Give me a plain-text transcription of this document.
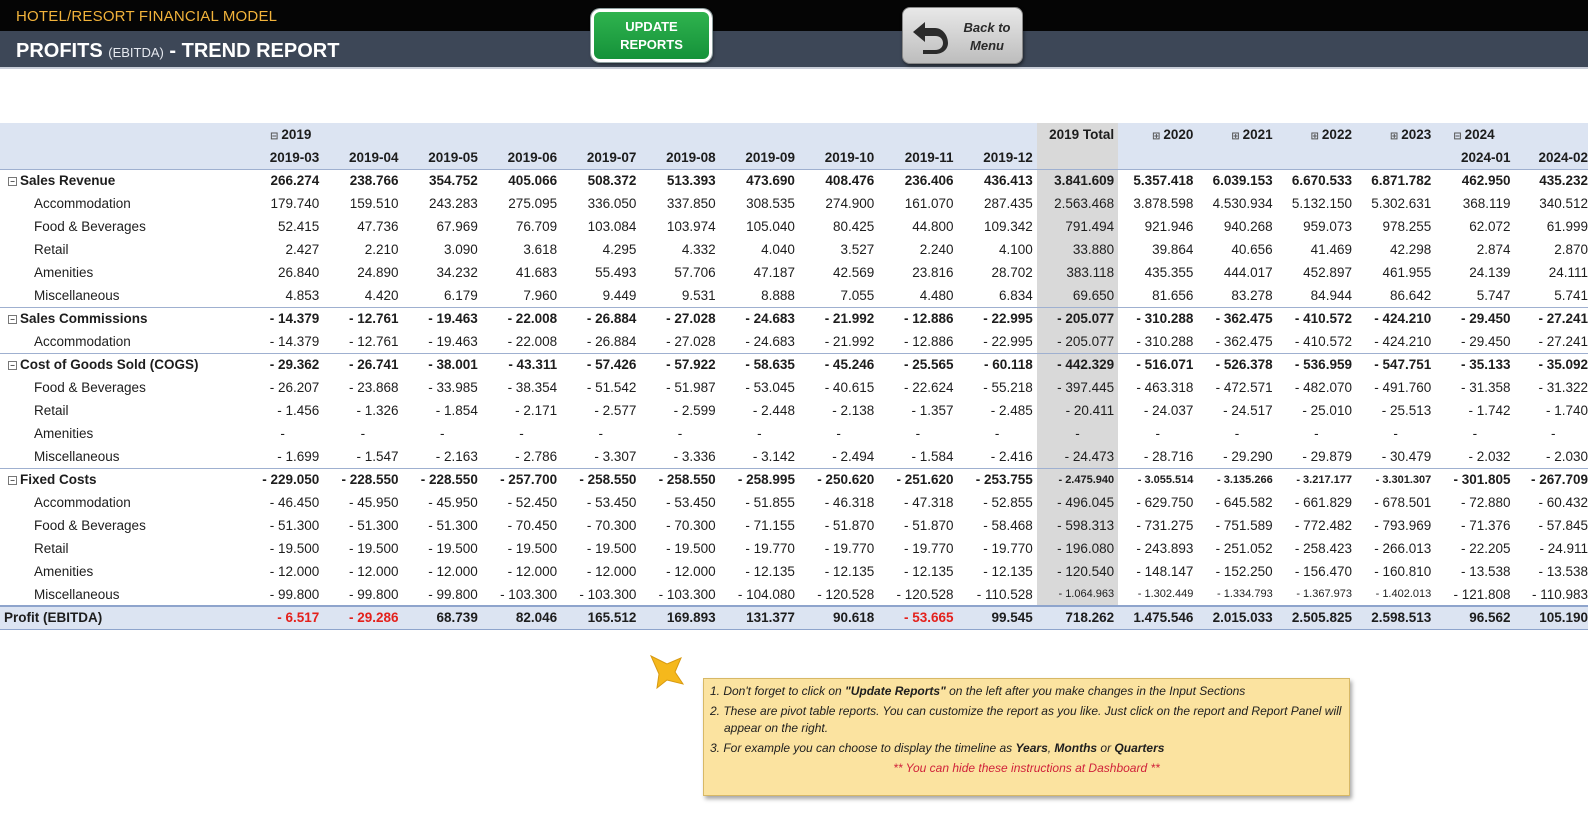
HOTEL/RESORT FINANCIAL MODEL
PROFITS (EBITDA) - TREND REPORT
UPDATE
REPORTS
Back to
Menu
	⊟ 2019										2019 Total	⊞ 2020	⊞ 2021	⊞ 2022	⊞ 2023	⊟ 2024	
	2019-03	2019-04	2019-05	2019-06	2019-07	2019-08	2019-09	2019-10	2019-11	2019-12						2024-01	2024-02
− Sales Revenue	266.274	238.766	354.752	405.066	508.372	513.393	473.690	408.476	236.406	436.413	3.841.609	5.357.418	6.039.153	6.670.533	6.871.782	462.950	435.232
Accommodation	179.740	159.510	243.283	275.095	336.050	337.850	308.535	274.900	161.070	287.435	2.563.468	3.878.598	4.530.934	5.132.150	5.302.631	368.119	340.512
Food & Beverages	52.415	47.736	67.969	76.709	103.084	103.974	105.040	80.425	44.800	109.342	791.494	921.946	940.268	959.073	978.255	62.072	61.999
Retail	2.427	2.210	3.090	3.618	4.295	4.332	4.040	3.527	2.240	4.100	33.880	39.864	40.656	41.469	42.298	2.874	2.870
Amenities	26.840	24.890	34.232	41.683	55.493	57.706	47.187	42.569	23.816	28.702	383.118	435.355	444.017	452.897	461.955	24.139	24.111
Miscellaneous	4.853	4.420	6.179	7.960	9.449	9.531	8.888	7.055	4.480	6.834	69.650	81.656	83.278	84.944	86.642	5.747	5.741
− Sales Commissions	- 14.379	- 12.761	- 19.463	- 22.008	- 26.884	- 27.028	- 24.683	- 21.992	- 12.886	- 22.995	- 205.077	- 310.288	- 362.475	- 410.572	- 424.210	- 29.450	- 27.241
Accommodation	- 14.379	- 12.761	- 19.463	- 22.008	- 26.884	- 27.028	- 24.683	- 21.992	- 12.886	- 22.995	- 205.077	- 310.288	- 362.475	- 410.572	- 424.210	- 29.450	- 27.241
− Cost of Goods Sold (COGS)	- 29.362	- 26.741	- 38.001	- 43.311	- 57.426	- 57.922	- 58.635	- 45.246	- 25.565	- 60.118	- 442.329	- 516.071	- 526.378	- 536.959	- 547.751	- 35.133	- 35.092
Food & Beverages	- 26.207	- 23.868	- 33.985	- 38.354	- 51.542	- 51.987	- 53.045	- 40.615	- 22.624	- 55.218	- 397.445	- 463.318	- 472.571	- 482.070	- 491.760	- 31.358	- 31.322
Retail	- 1.456	- 1.326	- 1.854	- 2.171	- 2.577	- 2.599	- 2.448	- 2.138	- 1.357	- 2.485	- 20.411	- 24.037	- 24.517	- 25.010	- 25.513	- 1.742	- 1.740
Amenities	-	-	-	-	-	-	-	-	-	-	-	-	-	-	-	-	-
Miscellaneous	- 1.699	- 1.547	- 2.163	- 2.786	- 3.307	- 3.336	- 3.142	- 2.494	- 1.584	- 2.416	- 24.473	- 28.716	- 29.290	- 29.879	- 30.479	- 2.032	- 2.030
− Fixed Costs	- 229.050	- 228.550	- 228.550	- 257.700	- 258.550	- 258.550	- 258.995	- 250.620	- 251.620	- 253.755	- 2.475.940	- 3.055.514	- 3.135.266	- 3.217.177	- 3.301.307	- 301.805	- 267.709
Accommodation	- 46.450	- 45.950	- 45.950	- 52.450	- 53.450	- 53.450	- 51.855	- 46.318	- 47.318	- 52.855	- 496.045	- 629.750	- 645.582	- 661.829	- 678.501	- 72.880	- 60.432
Food & Beverages	- 51.300	- 51.300	- 51.300	- 70.450	- 70.300	- 70.300	- 71.155	- 51.870	- 51.870	- 58.468	- 598.313	- 731.275	- 751.589	- 772.482	- 793.969	- 71.376	- 57.845
Retail	- 19.500	- 19.500	- 19.500	- 19.500	- 19.500	- 19.500	- 19.770	- 19.770	- 19.770	- 19.770	- 196.080	- 243.893	- 251.052	- 258.423	- 266.013	- 22.205	- 24.911
Amenities	- 12.000	- 12.000	- 12.000	- 12.000	- 12.000	- 12.000	- 12.135	- 12.135	- 12.135	- 12.135	- 120.540	- 148.147	- 152.250	- 156.470	- 160.810	- 13.538	- 13.538
Miscellaneous	- 99.800	- 99.800	- 99.800	- 103.300	- 103.300	- 103.300	- 104.080	- 120.528	- 120.528	- 110.528	- 1.064.963	- 1.302.449	- 1.334.793	- 1.367.973	- 1.402.013	- 121.808	- 110.983
Profit (EBITDA)	- 6.517	- 29.286	68.739	82.046	165.512	169.893	131.377	90.618	- 53.665	99.545	718.262	1.475.546	2.015.033	2.505.825	2.598.513	96.562	105.190

1. Don't forget to click on "Update Reports" on the left after you make changes in the Input Sections

2. These are pivot table reports. You can customize the report as you like. Just click on the report and Report Panel will appear on the right.

3. For example you can choose to display the timeline as Years, Months or Quarters

** You can hide these instructions at Dashboard **
